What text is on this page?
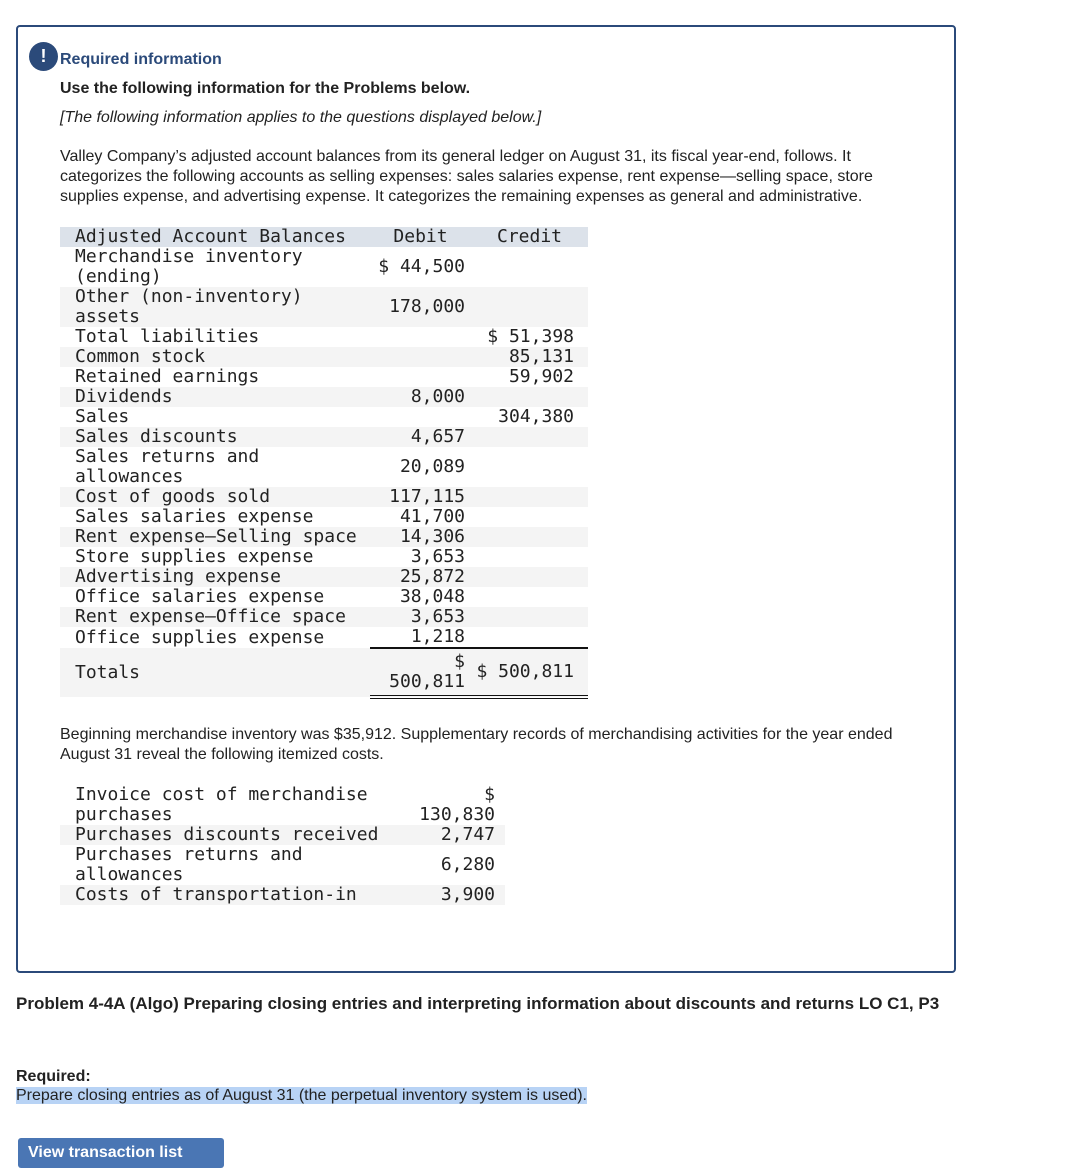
! Required information
Use the following information for the Problems below.
[The following information applies to the questions displayed below.]
Valley Company’s adjusted account balances from its general ledger on August 31, its fiscal year-end, follows. It categorizes the following accounts as selling expenses: sales salaries expense, rent expense—selling space, store supplies expense, and advertising expense. It categorizes the remaining expenses as general and administrative.
Adjusted Account Balances	Debit	Credit
Merchandise inventory (ending)	$ 44,500	
Other (non-inventory) assets	178,000	
Total liabilities		$ 51,398
Common stock		85,131
Retained earnings		59,902
Dividends	8,000	
Sales		304,380
Sales discounts	4,657	
Sales returns and allowances	20,089	
Cost of goods sold	117,115	
Sales salaries expense	41,700	
Rent expense—Selling space	14,306	
Store supplies expense	3,653	
Advertising expense	25,872	
Office salaries expense	38,048	
Rent expense—Office space	3,653	
Office supplies expense	1,218	
Totals	$ 500,811	$ 500,811
Beginning merchandise inventory was $35,912. Supplementary records of merchandising activities for the year ended August 31 reveal the following itemized costs.
Invoice cost of merchandise purchases	$ 130,830
Purchases discounts received	2,747
Purchases returns and allowances	6,280
Costs of transportation-in	3,900
Problem 4-4A (Algo) Preparing closing entries and interpreting information about discounts and returns LO C1, P3
Required:
Prepare closing entries as of August 31 (the perpetual inventory system is used).
View transaction list
